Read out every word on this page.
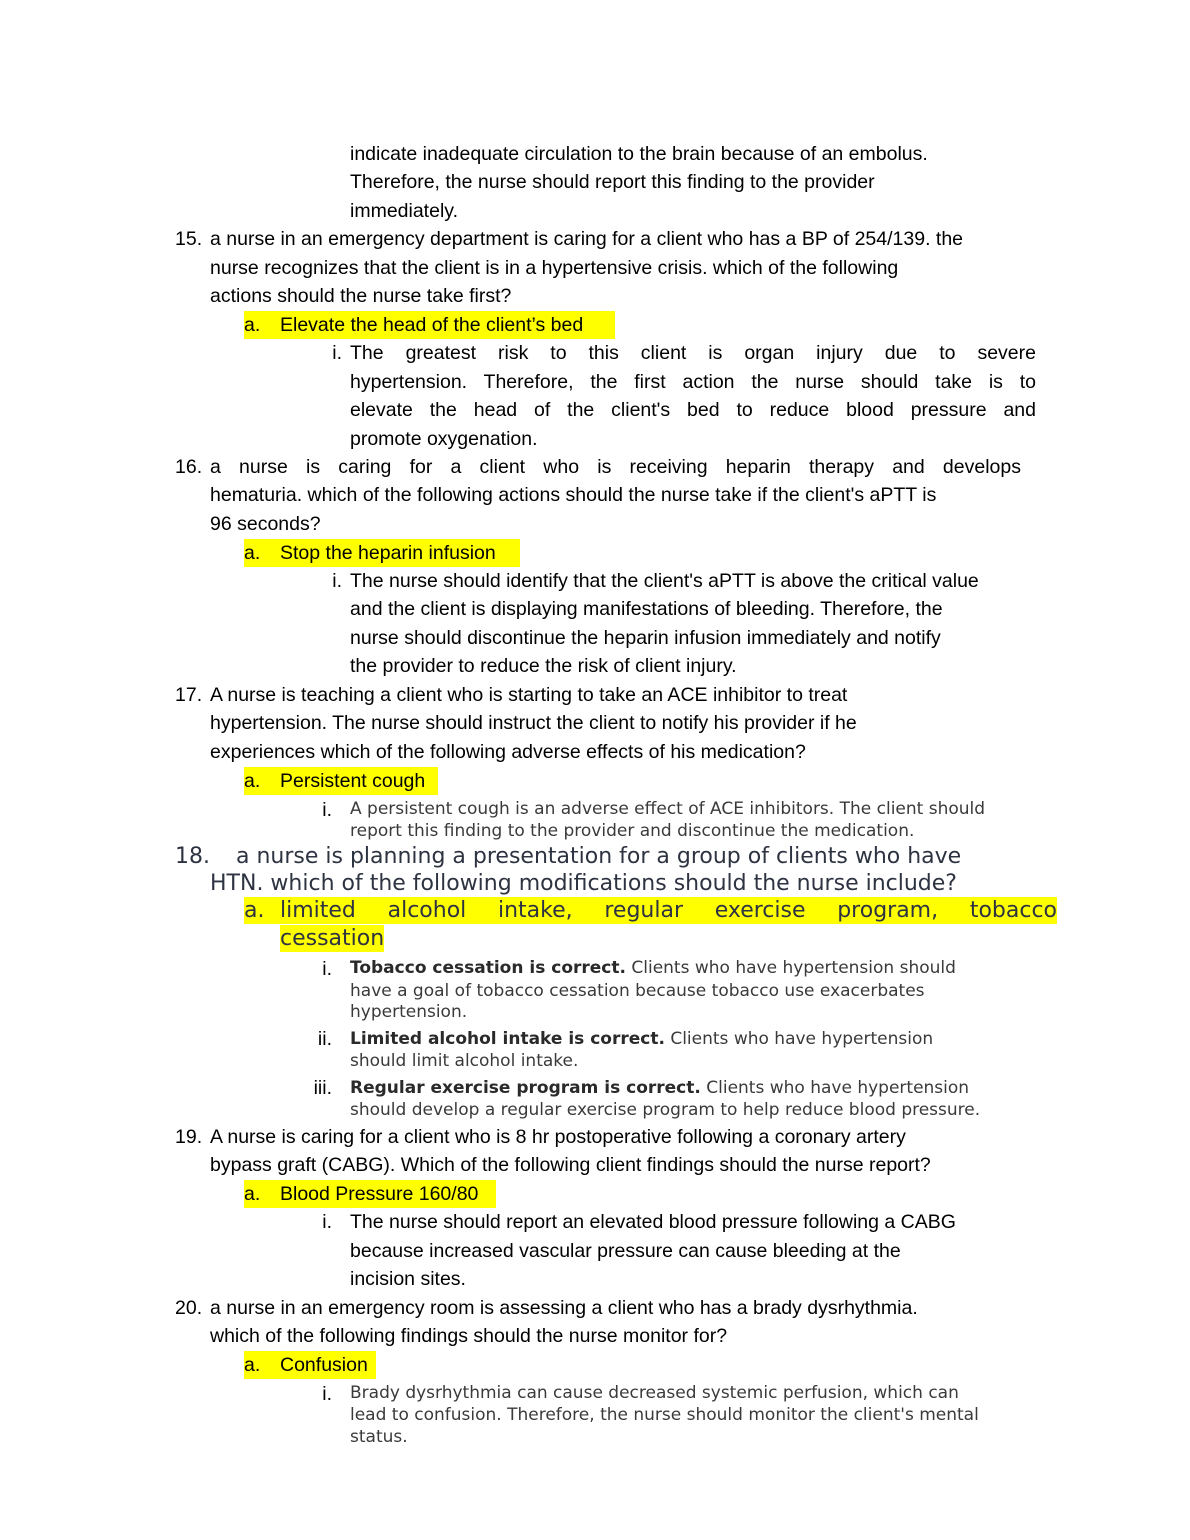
indicate inadequate circulation to the brain because of an embolus.
Therefore, the nurse should report this finding to the provider
immediately.
15. a nurse in an emergency department is caring for a client who has a BP of 254/139. the
nurse recognizes that the client is in a hypertensive crisis. which of the following
actions should the nurse take first?
a. Elevate the head of the client’s bed
i. The greatest risk to this client is organ injury due to severe
hypertension. Therefore, the first action the nurse should take is to
elevate the head of the client's bed to reduce blood pressure and
promote oxygenation.
16. a nurse is caring for a client who is receiving heparin therapy and develops
hematuria. which of the following actions should the nurse take if the client's aPTT is
96 seconds?
a. Stop the heparin infusion
i. The nurse should identify that the client's aPTT is above the critical value
and the client is displaying manifestations of bleeding. Therefore, the
nurse should discontinue the heparin infusion immediately and notify
the provider to reduce the risk of client injury.
17. A nurse is teaching a client who is starting to take an ACE inhibitor to treat
hypertension. The nurse should instruct the client to notify his provider if he
experiences which of the following adverse effects of his medication?
a. Persistent cough
i. A persistent cough is an adverse effect of ACE inhibitors. The client should
report this finding to the provider and discontinue the medication.
18. a nurse is planning a presentation for a group of clients who have
HTN. which of the following modifications should the nurse include?
a. limited alcohol intake, regular exercise program, tobacco
cessation
i. Tobacco cessation is correct. Clients who have hypertension should
have a goal of tobacco cessation because tobacco use exacerbates
hypertension.
ii. Limited alcohol intake is correct. Clients who have hypertension
should limit alcohol intake.
iii. Regular exercise program is correct. Clients who have hypertension
should develop a regular exercise program to help reduce blood pressure.
19. A nurse is caring for a client who is 8 hr postoperative following a coronary artery
bypass graft (CABG). Which of the following client findings should the nurse report?
a. Blood Pressure 160/80
i. The nurse should report an elevated blood pressure following a CABG
because increased vascular pressure can cause bleeding at the
incision sites.
20. a nurse in an emergency room is assessing a client who has a brady dysrhythmia.
which of the following findings should the nurse monitor for?
a. Confusion
i. Brady dysrhythmia can cause decreased systemic perfusion, which can
lead to confusion. Therefore, the nurse should monitor the client's mental
status.
